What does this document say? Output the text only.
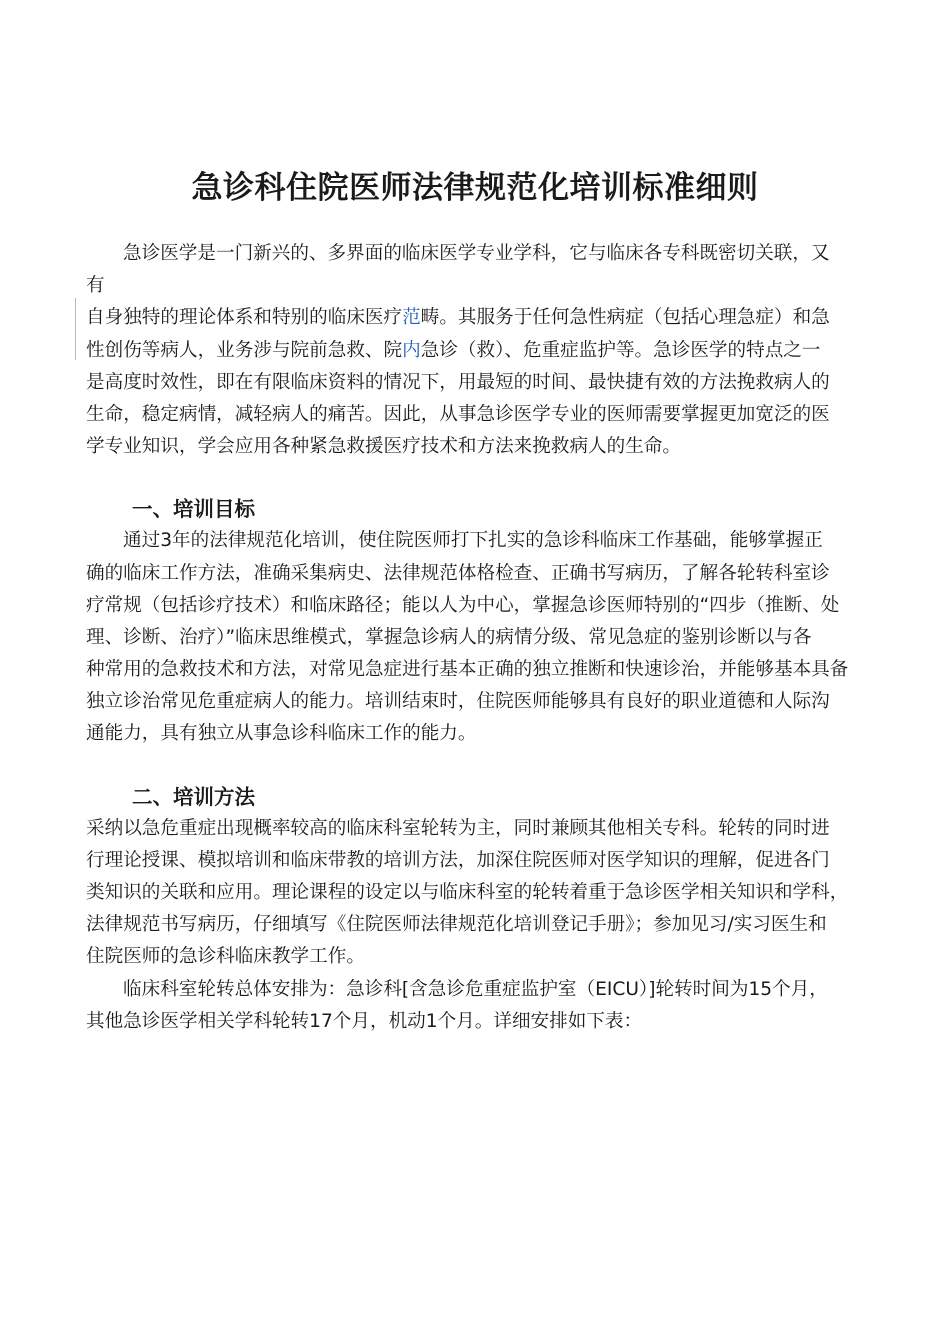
急诊科住院医师法律规范化培训标准细则

急诊医学是一门新兴的、多界面的临床医学专业学科，它与临床各专科既密切关联，又

有

自身独特的理论体系和特别的临床医疗范畴。其服务于任何急性病症（包括心理急症）和急

性创伤等病人，业务涉与院前急救、院内急诊（救）、危重症监护等。急诊医学的特点之一

是高度时效性，即在有限临床资料的情况下，用最短的时间、最快捷有效的方法挽救病人的

生命，稳定病情，减轻病人的痛苦。因此，从事急诊医学专业的医师需要掌握更加宽泛的医

学专业知识，学会应用各种紧急救援医疗技术和方法来挽救病人的生命。

一、培训目标

通过3年的法律规范化培训，使住院医师打下扎实的急诊科临床工作基础，能够掌握正

确的临床工作方法，准确采集病史、法律规范体格检查、正确书写病历，了解各轮转科室诊

疗常规（包括诊疗技术）和临床路径；能以人为中心，掌握急诊医师特别的“四步（推断、处

理、诊断、治疗）”临床思维模式，掌握急诊病人的病情分级、常见急症的鉴别诊断以与各

种常用的急救技术和方法，对常见急症进行基本正确的独立推断和快速诊治，并能够基本具备

独立诊治常见危重症病人的能力。培训结束时，住院医师能够具有良好的职业道德和人际沟

通能力，具有独立从事急诊科临床工作的能力。

二、培训方法

采纳以急危重症出现概率较高的临床科室轮转为主，同时兼顾其他相关专科。轮转的同时进

行理论授课、模拟培训和临床带教的培训方法，加深住院医师对医学知识的理解，促进各门

类知识的关联和应用。理论课程的设定以与临床科室的轮转着重于急诊医学相关知识和学科，

法律规范书写病历，仔细填写《住院医师法律规范化培训登记手册》；参加见习/实习医生和

住院医师的急诊科临床教学工作。

临床科室轮转总体安排为：急诊科[含急诊危重症监护室（EICU）]轮转时间为15个月，

其他急诊医学相关学科轮转17个月，机动1个月。详细安排如下表：
